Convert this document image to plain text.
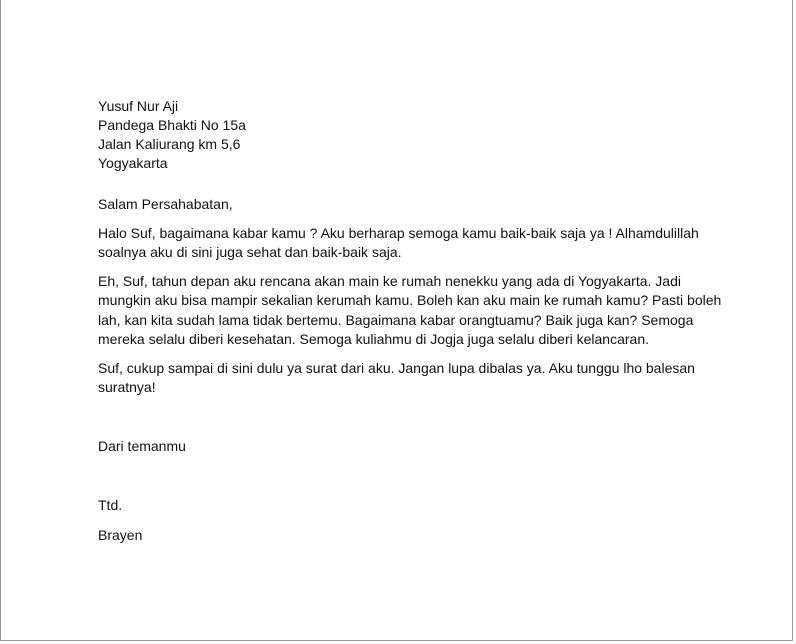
Yusuf Nur Aji
Pandega Bhakti No 15a
Jalan Kaliurang km 5,6
Yogyakarta
Salam Persahabatan,
Halo Suf, bagaimana kabar kamu ? Aku berharap semoga kamu baik-baik saja ya ! Alhamdulillah
soalnya aku di sini juga sehat dan baik-baik saja.
Eh, Suf, tahun depan aku rencana akan main ke rumah nenekku yang ada di Yogyakarta. Jadi
mungkin aku bisa mampir sekalian kerumah kamu. Boleh kan aku main ke rumah kamu? Pasti boleh
lah, kan kita sudah lama tidak bertemu. Bagaimana kabar orangtuamu? Baik juga kan? Semoga
mereka selalu diberi kesehatan. Semoga kuliahmu di Jogja juga selalu diberi kelancaran.
Suf, cukup sampai di sini dulu ya surat dari aku. Jangan lupa dibalas ya. Aku tunggu lho balesan
suratnya!
Dari temanmu
Ttd.
Brayen
